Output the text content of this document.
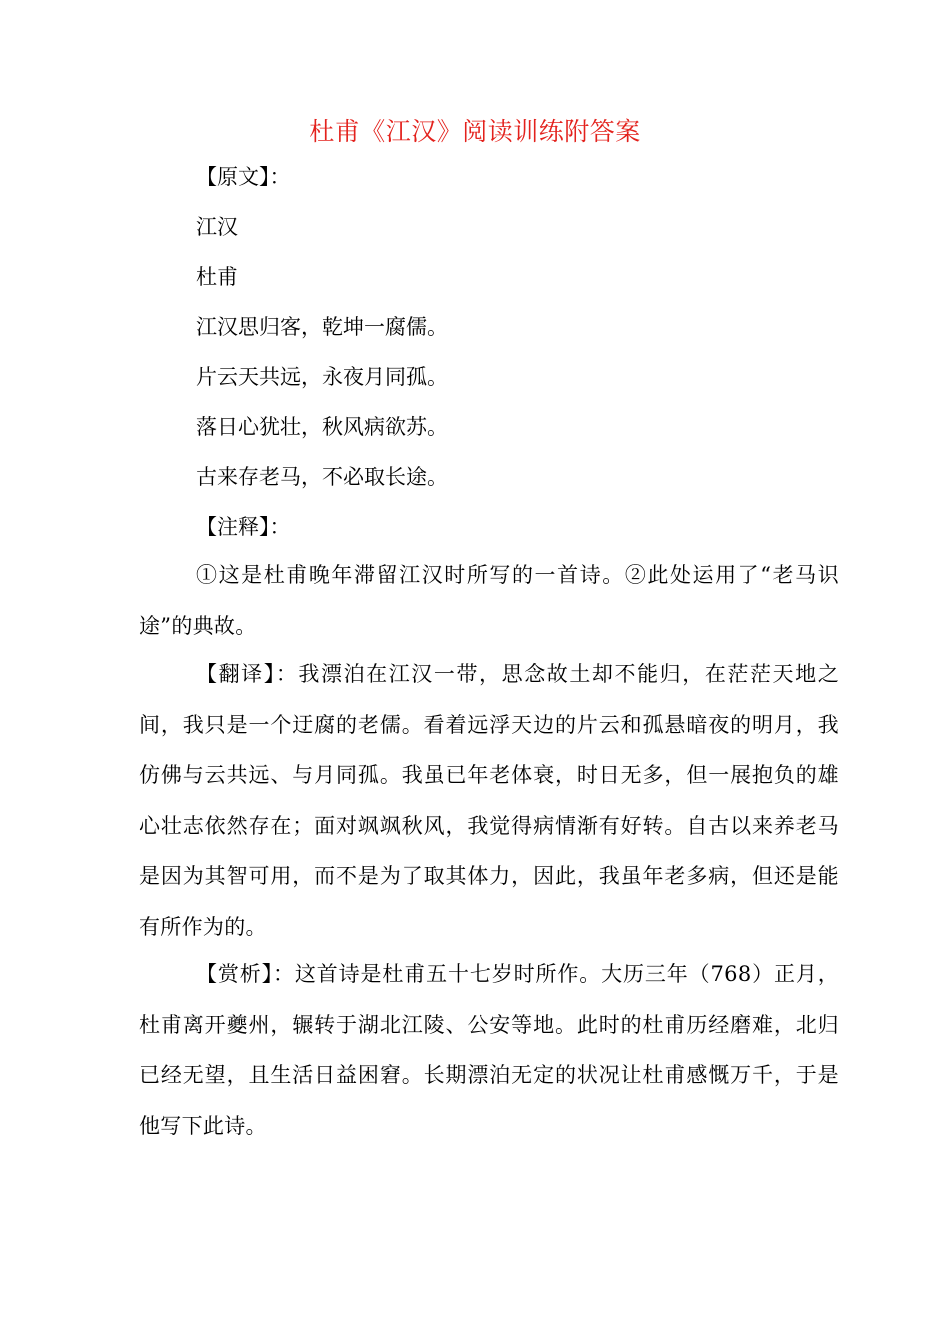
杜甫《江汉》阅读训练附答案
【原文】：
江汉
杜甫
江汉思归客，乾坤一腐儒。
片云天共远，永夜月同孤。
落日心犹壮，秋风病欲苏。
古来存老马，不必取长途。
【注释】：
①这是杜甫晚年滞留江汉时所写的一首诗。②此处运用了“老马识途”的典故。
【翻译】：我漂泊在江汉一带，思念故土却不能归，在茫茫天地之间，我只是一个迂腐的老儒。看着远浮天边的片云和孤悬暗夜的明月，我仿佛与云共远、与月同孤。我虽已年老体衰，时日无多，但一展抱负的雄心壮志依然存在；面对飒飒秋风，我觉得病情渐有好转。自古以来养老马是因为其智可用，而不是为了取其体力，因此，我虽年老多病，但还是能有所作为的。
【赏析】：这首诗是杜甫五十七岁时所作。大历三年（768）正月，杜甫离开夔州，辗转于湖北江陵、公安等地。此时的杜甫历经磨难，北归已经无望，且生活日益困窘。长期漂泊无定的状况让杜甫感慨万千，于是他写下此诗。
